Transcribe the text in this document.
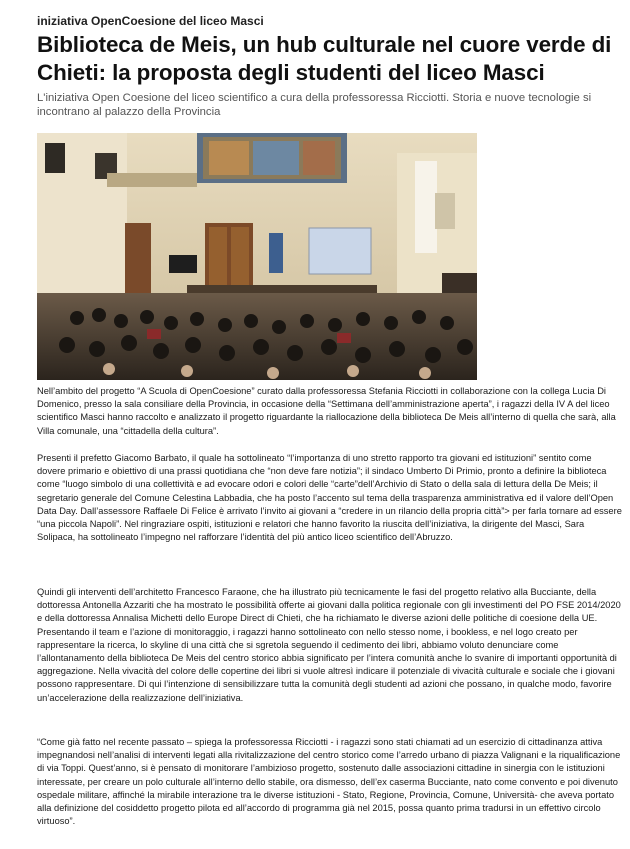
iniziativa OpenCoesione del liceo Masci
Biblioteca de Meis, un hub culturale nel cuore verde di Chieti: la proposta degli studenti del liceo Masci
L'iniziativa Open Coesione del liceo scientifico a cura della professoressa Ricciotti. Storia e nuove tecnologie si incontrano al palazzo della Provincia

Nell’ambito del progetto “A Scuola di OpenCoesione” curato dalla professoressa Stefania Ricciotti in collaborazione con la collega Lucia Di Domenico, presso la sala consiliare della Provincia, in occasione della “Settimana dell’amministrazione aperta”, i ragazzi della IV A del liceo scientifico Masci hanno raccolto e analizzato il progetto riguardante la riallocazione della biblioteca De Meis all’interno di quella che sarà, alla Villa comunale, una “cittadella della cultura”.

Presenti il prefetto Giacomo Barbato, il quale ha sottolineato “l’importanza di uno stretto rapporto tra giovani ed istituzioni” sentito come dovere primario e obiettivo di una prassi quotidiana che “non deve fare notizia”; il sindaco Umberto Di Primio, pronto a definire la biblioteca come “luogo simbolo di una collettività e ad evocare odori e colori delle “carte”dell’Archivio di Stato o della sala di lettura della De Meis; il segretario generale del Comune Celestina Labbadia, che ha posto l’accento sul tema della trasparenza amministrativa ed il valore dell’Open Data Day. Dall’assessore Raffaele Di Felice è arrivato l’invito ai giovani a “credere in un rilancio della propria città”> per farla tornare ad essere “una piccola Napoli”. Nel ringraziare ospiti, istituzioni e relatori che hanno favorito la riuscita dell’iniziativa, la dirigente del Masci, Sara Solipaca, ha sottolineato l’impegno nel rafforzare l’identità del più antico liceo scientifico dell’Abruzzo.

Quindi gli interventi dell’architetto Francesco Faraone, che ha illustrato più tecnicamente le fasi del progetto relativo alla Bucciante, della dottoressa Antonella Azzariti che ha mostrato le possibilità offerte ai giovani dalla politica regionale con gli investimenti del PO FSE 2014/2020 e della dottoressa Annalisa Michetti dello Europe Direct di Chieti, che ha richiamato le diverse azioni delle politiche di coesione della UE. Presentando il team e l’azione di monitoraggio, i ragazzi hanno sottolineato con nello stesso nome, i bookless, e nel logo creato per rappresentare la ricerca, lo skyline di una città che si sgretola seguendo il cedimento dei libri, abbiamo voluto denunciare come l’allontanamento della biblioteca De Meis del centro storico abbia significato per l’intera comunità anche lo svanire di importanti opportunità di aggregazione. Nella vivacità del colore delle copertine dei libri si vuole altresì indicare il potenziale di vivacità culturale e sociale che i giovani possono rappresentare. Di qui l’intenzione di sensibilizzare tutta la comunità degli studenti ad azioni che possano, in qualche modo, favorire un’accelerazione della realizzazione dell’iniziativa.

“Come già fatto nel recente passato – spiega la professoressa Ricciotti - i ragazzi sono stati chiamati ad un esercizio di cittadinanza attiva impegnandosi nell’analisi di interventi legati alla rivitalizzazione del centro storico come l’arredo urbano di piazza Valignani e la riqualificazione di via Toppi. Quest’anno, si è pensato di monitorare l’ambizioso progetto, sostenuto dalle associazioni cittadine in sinergia con le istituzioni interessate, per creare un polo culturale all’interno dello stabile, ora dismesso, dell’ex caserma Bucciante, nato come convento e poi divenuto ospedale militare, affinché la mirabile interazione tra le diverse istituzioni - Stato, Regione, Provincia, Comune, Università- che aveva portato alla definizione del cosiddetto progetto pilota ed all’accordo di programma già nel 2015, possa quanto prima tradursi in un effettivo circolo virtuoso”.
